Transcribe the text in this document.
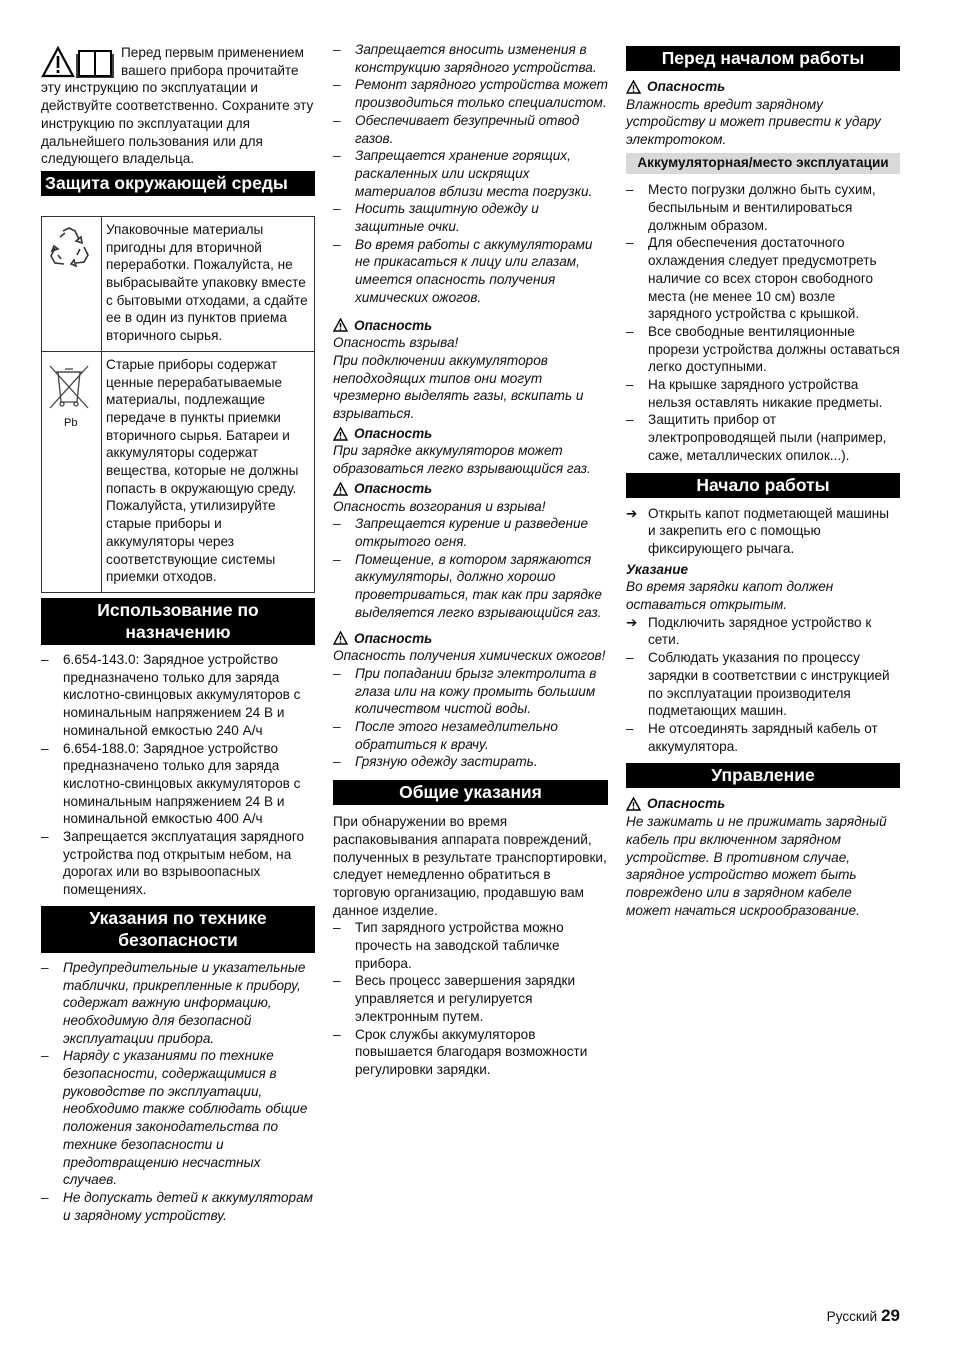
Перед первым применением вашего прибора прочитайте эту инструкцию по эксплуатации и действуйте соответственно. Сохраните эту инструкцию по эксплуатации для дальнейшего пользования или для следующего владельца.

Защита окружающей среды
	Упаковочные материалы пригодны для вторичной переработки. Пожалуйста, не выбрасывайте упаковку вместе с бытовыми отходами, а сдайте ее в один из пунктов приема вторичного сырья.

Pb	Старые приборы содержат ценные перерабатываемые материалы, подлежащие передаче в пункты приемки вторичного сырья. Батареи и аккумуляторы содержат вещества, которые не должны попасть в окружающую среду. Пожалуйста, утилизируйте старые приборы и аккумуляторы через соответствующие системы приемки отходов.
Использование по назначению
– 6.654-143.0: Зарядное устройство предназначено только для заряда кислотно-свинцовых аккумуляторов с номинальным напряжением 24 В и номинальной емкостью 240 А/ч
– 6.654-188.0: Зарядное устройство предназначено только для заряда кислотно-свинцовых аккумуляторов с номинальным напряжением 24 В и номинальной емкостью 400 А/ч
– Запрещается эксплуатация зарядного устройства под открытым небом, на дорогах или во взрывоопасных помещениях.
Указания по технике безопасности
– Предупредительные и указательные таблички, прикрепленные к прибору, содержат важную информацию, необходимую для безопасной эксплуатации прибора.
– Наряду с указаниями по технике безопасности, содержащимися в руководстве по эксплуатации, необходимо также соблюдать общие положения законодательства по технике безопасности и предотвращению несчастных случаев.
– Не допускать детей к аккумуляторам и зарядному устройству.
– Запрещается вносить изменения в конструкцию зарядного устройства.
– Ремонт зарядного устройства может производиться только специалистом.
– Обеспечивает безупречный отвод газов.
– Запрещается хранение горящих, раскаленных или искрящих материалов вблизи места погрузки.
– Носить защитную одежду и защитные очки.
– Во время работы с аккумуляторами не прикасаться к лицу или глазам, имеется опасность получения химических ожогов.
Опасность

Опасность взрыва!

При подключении аккумуляторов неподходящих типов они могут чрезмерно выделять газы, вскипать и взрываться.

Опасность

При зарядке аккумуляторов может образоваться легко взрывающийся газ.

Опасность

Опасность возгорания и взрыва!

– Запрещается курение и разведение открытого огня.
– Помещение, в котором заряжаются аккумуляторы, должно хорошо проветриваться, так как при зарядке выделяется легко взрывающийся газ.
Опасность

Опасность получения химических ожогов!

– При попадании брызг электролита в глаза или на кожу промыть большим количеством чистой воды.
– После этого незамедлительно обратиться к врачу.
– Грязную одежду застирать.
Общие указания

При обнаружении во время распаковывания аппарата повреждений, полученных в результате транспортировки, следует немедленно обратиться в торговую организацию, продавшую вам данное изделие.

– Тип зарядного устройства можно прочесть на заводской табличке прибора.
– Весь процесс завершения зарядки управляется и регулируется электронным путем.
– Срок службы аккумуляторов повышается благодаря возможности регулировки зарядки.
Перед началом работы
Опасность

Влажность вредит зарядному устройству и может привести к удару электротоком.

Аккумуляторная/место эксплуатации
– Место погрузки должно быть сухим, беспыльным и вентилироваться должным образом.
– Для обеспечения достаточного охлаждения следует предусмотреть наличие со всех сторон свободного места (не менее 10 см) возле зарядного устройства с крышкой.
– Все свободные вентиляционные прорези устройства должны оставаться легко доступными.
– На крышке зарядного устройства нельзя оставлять никакие предметы.
– Защитить прибор от электропроводящей пыли (например, саже, металлических опилок...).
Начало работы
➔ Открыть капот подметающей машины и закрепить его с помощью фиксирующего рычага.

Указание

Во время зарядки капот должен оставаться открытым.

➔ Подключить зарядное устройство к сети.
– Соблюдать указания по процессу зарядки в соответствии с инструкцией по эксплуатации производителя подметающих машин.
– Не отсоединять зарядный кабель от аккумулятора.
Управление
Опасность

Не зажимать и не прижимать зарядный кабель при включенном зарядном устройстве. В противном случае, зарядное устройство может быть повреждено или в зарядном кабеле может начаться искрообразование.

Русский 29
